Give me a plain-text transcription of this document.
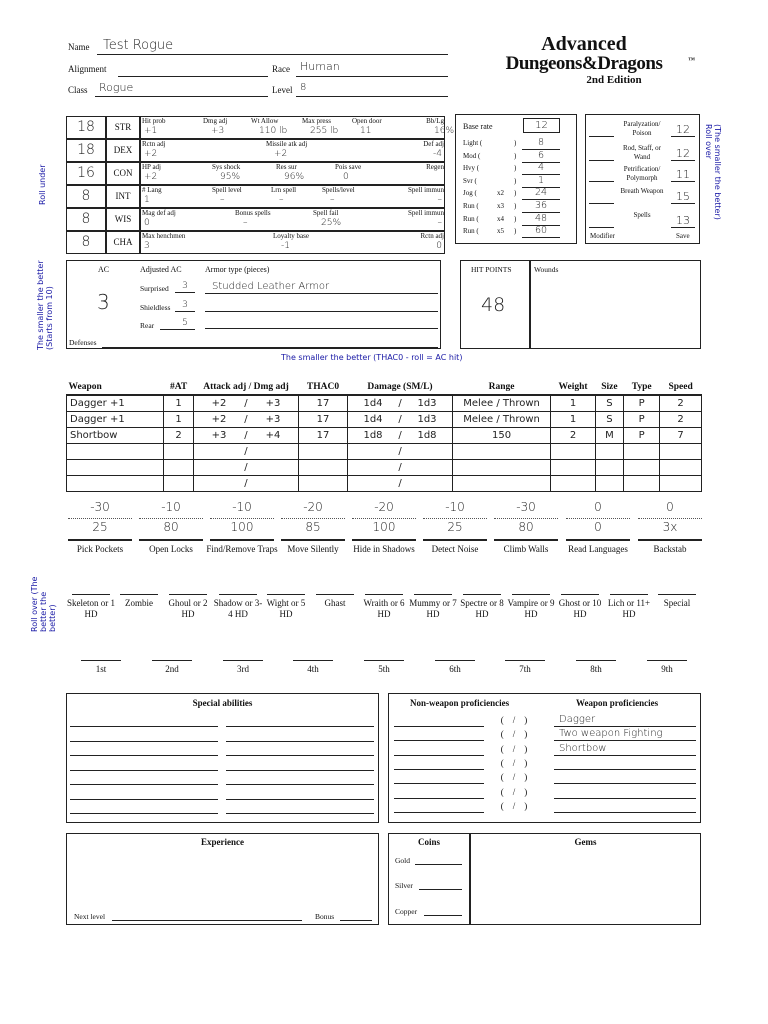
Name Test Rogue
Alignment	Race Human
Class Rogue	Level 8
Advanced
Dungeons&Dragons	™
2nd Edition
Roll under
18	STR
Hit prob
+1
Dmg adj
+3
Wt Allow
110 lb
Max press
255 lb
Open door
11
Bb/Lg
16%
18	DEX
Rctn adj
+2
Missile atk adj
+2
Def adj
-4
16	CON
HP adj
+2
Sys shock
95%
Res sur
96%
Pois save
0
Regen
8	INT
# Lang
1
Spell level
–
Lrn spell
–
Spells/level
–
Spell immun
–
8	WIS
Mag def adj
0
Bonus spells
–
Spell fail
25%
Spell immun
–
8	CHA
Max henchmen
3
Loyalty base
-1
Rctn adj
0
Base rate	12
Light (	)	8
Mod (	)	6
Hvy (	)	4
Svr (	)	1
Jog (	x2 )	24
Run (	x3 )	36
Run (	x4 )	48
Run (	x5 )	60
Paralyzation/ Poison	12
Rod, Staff, or Wand	12
Petrification/ Polymorph	11
Breath Weapon	15
Spells	13
Modifier	Save
(The smaller the better) Roll over
AC
3
Adjusted AC	Armor type (pieces)
Studded Leather Armor
Surprised	3
Shieldless	3
Rear	5
Defenses
The smaller the better (Starts from 10)
HIT POINTS
48
Wounds
The smaller the better (THAC0 - roll = AC hit)
Weapon	#AT	Attack adj / Dmg adj	THAC0	Damage (SM/L)	Range	Weight	Size	Type	Speed
Dagger +1	1	+2 / +3	17	1d4 / 1d3	Melee / Thrown	1	S	P	2
Dagger +1	1	+2 / +3	17	1d4 / 1d3	Melee / Thrown	1	S	P	2
Shortbow	2	+3 / +4	17	1d8 / 1d8	150	2	M	P	7

		/		/					

		/		/					

		/		/					

-30
25
Pick Pockets
-10
80
Open Locks
-10
100
Find/Remove Traps
-20
85
Move Silently
-20
100
Hide in Shadows
-10
25
Detect Noise
-30
80
Climb Walls
0
0
Read Languages
0
3x
Backstab
Roll over (The better the better)
Skeleton or 1 HD
Zombie	Ghoul or 2 HD
Shadow or 3-4 HD
Wight or 5 HD
Ghast	Wraith or 6 HD
Mummy or 7 HD
Spectre or 8 HD
Vampire or 9 HD
Ghost or 10 HD
Lich or 11+ HD
Special
1st	2nd	3rd	4th	5th	6th	7th	8th	9th
Special abilities	Non-weapon proficiencies	Weapon proficiencies
(    /    )	Dagger
(    /    )	Two weapon Fighting
(    /    )	Shortbow
(    /    )
(    /    )
(    /    )
(    /    )
Experience
Next level	Bonus
Coins	Gems
Gold
Silver
Copper
